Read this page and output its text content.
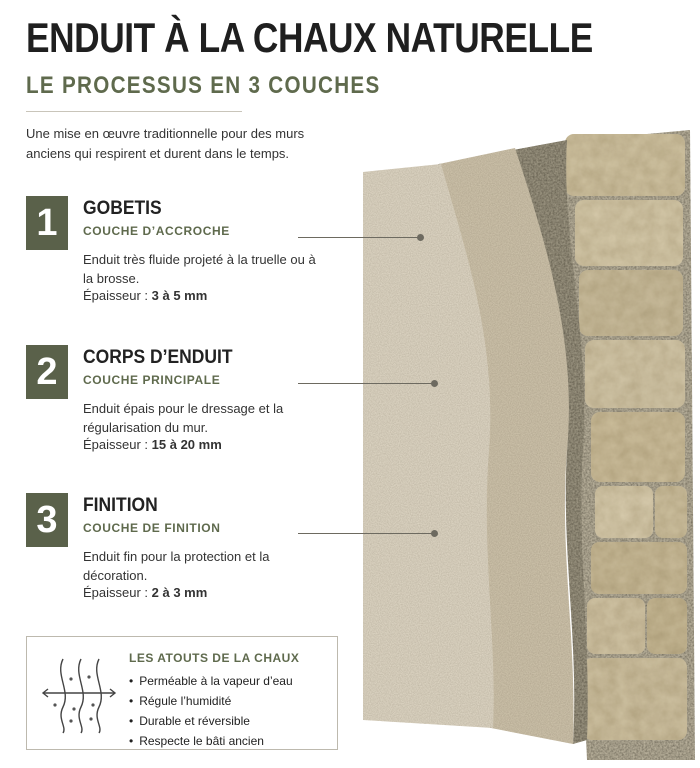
ENDUIT À LA CHAUX NATURELLE
LE PROCESSUS EN 3 COUCHES

Une mise en œuvre traditionnelle pour des murs anciens qui respirent et durent dans le temps.

1	GOBETIS

COUCHE D’ACCROCHE

Enduit très fluide projeté à la truelle ou à la brosse.

Épaisseur : 3 à 5 mm

2	CORPS D’ENDUIT

COUCHE PRINCIPALE

Enduit épais pour le dressage et la régularisation du mur.

Épaisseur : 15 à 20 mm

3	FINITION

COUCHE DE FINITION

Enduit fin pour la protection et la décoration.

Épaisseur : 2 à 3 mm

LES ATOUTS DE LA CHAUX

• Perméable à la vapeur d’eau
• Régule l’humidité
• Durable et réversible
• Respecte le bâti ancien
